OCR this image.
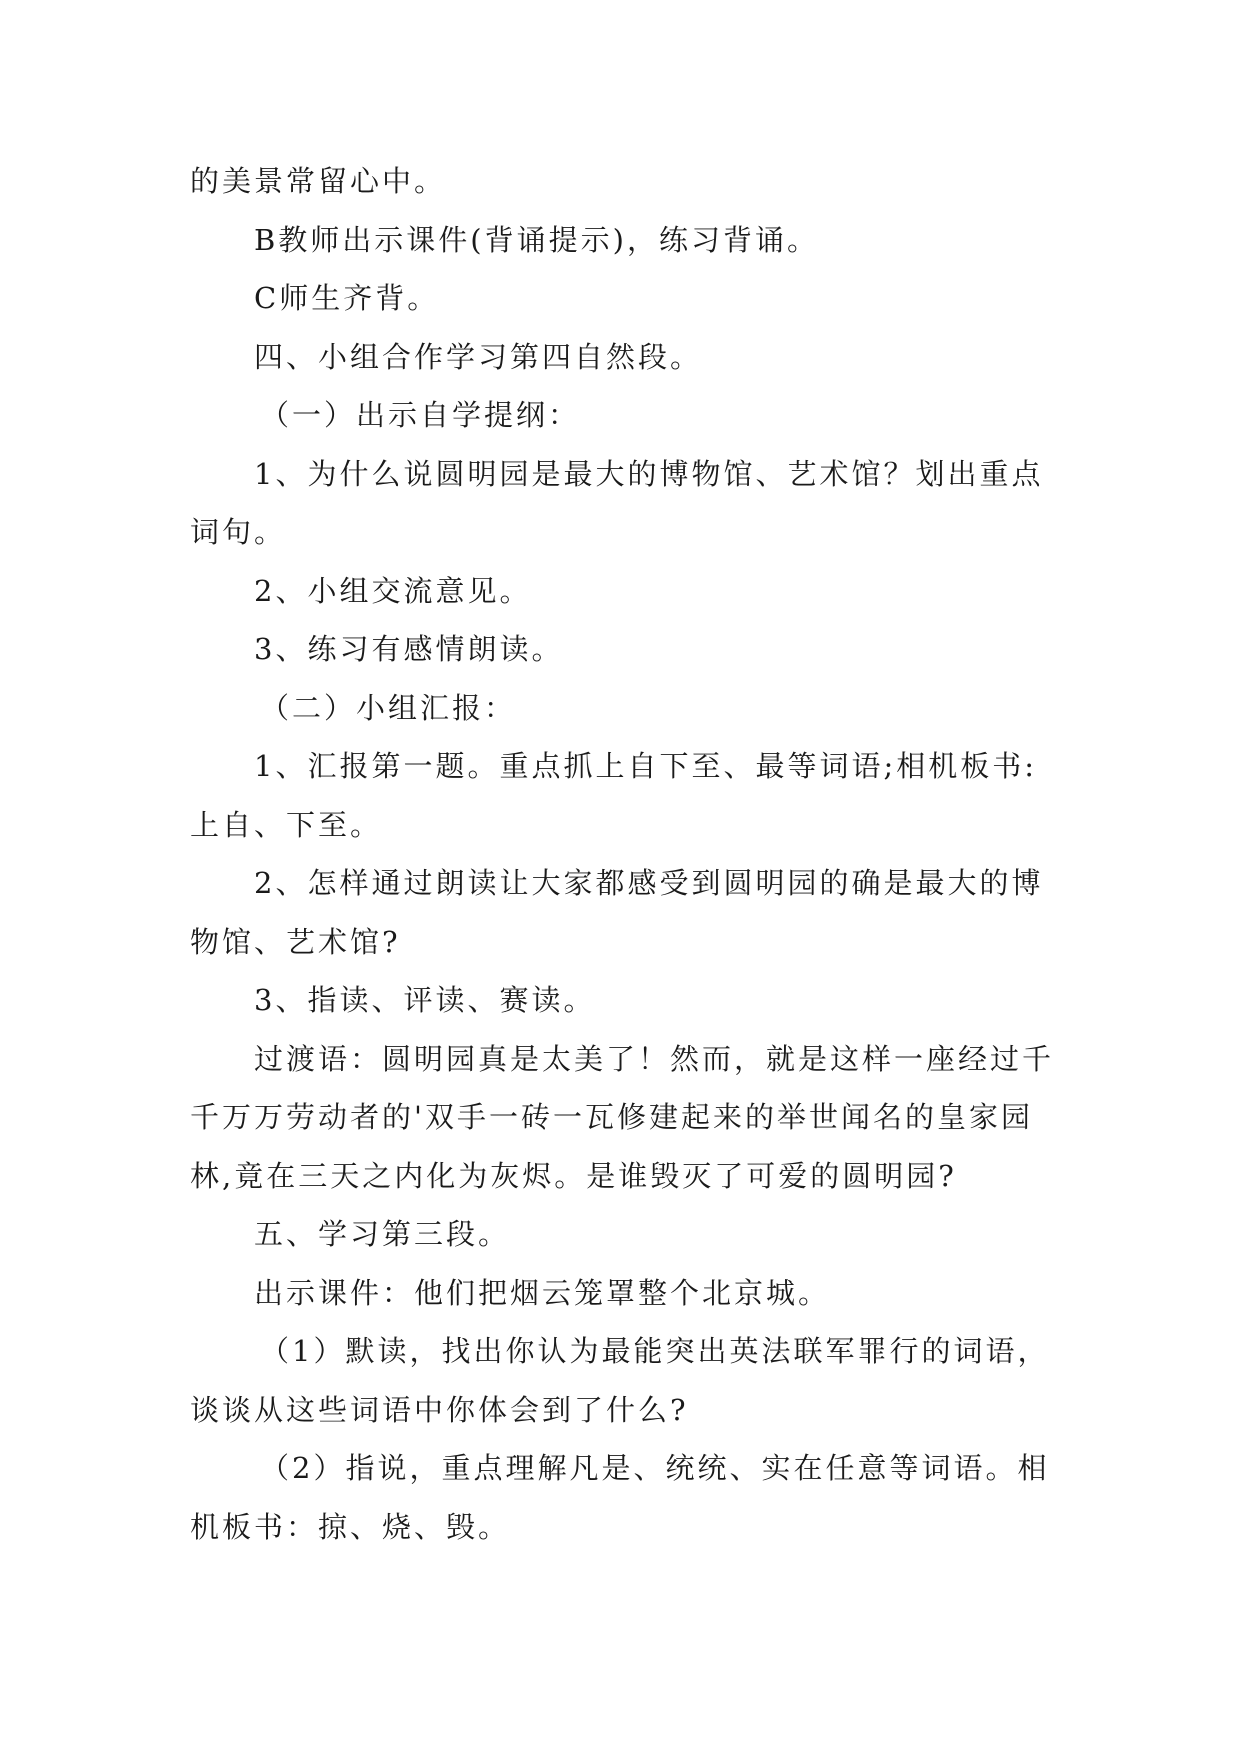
的美景常留心中。

B教师出示课件(背诵提示)，练习背诵。

C师生齐背。

四、小组合作学习第四自然段。

（一）出示自学提纲：

1、为什么说圆明园是最大的博物馆、艺术馆？划出重点词句。

2、小组交流意见。

3、练习有感情朗读。

（二）小组汇报：

1、汇报第一题。重点抓上自下至、最等词语;相机板书:上自、下至。

2、怎样通过朗读让大家都感受到圆明园的确是最大的博物馆、艺术馆?

3、指读、评读、赛读。

过渡语：圆明园真是太美了！然而，就是这样一座经过千千万万劳动者的'双手一砖一瓦修建起来的举世闻名的皇家园林,竟在三天之内化为灰烬。是谁毁灭了可爱的圆明园?

五、学习第三段。

出示课件：他们把烟云笼罩整个北京城。

（1）默读，找出你认为最能突出英法联军罪行的词语，谈谈从这些词语中你体会到了什么?

（2）指说，重点理解凡是、统统、实在任意等词语。相机板书：掠、烧、毁。
